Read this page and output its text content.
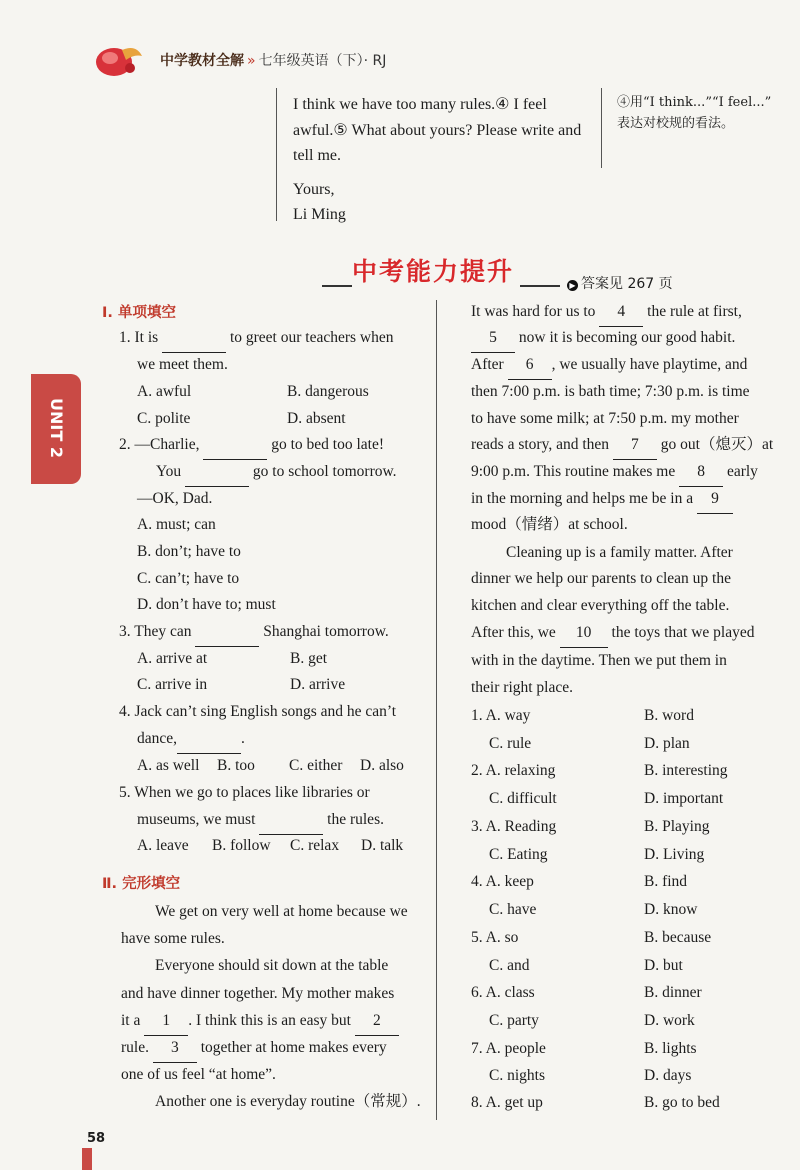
中学教材全解 » 七年级英语（下）· RJ

I think we have too many rules.④ I feel

awful.⑤ What about yours? Please write and

tell me.

Yours,

Li Ming

④用“I think...”“I feel...”
表达对校规的看法。
中考能力提升	▶ 答案见 267 页
UNIT 2
Ⅰ. 单项填空
1. It is	to greet our teachers when
we meet them.
A. awful	B. dangerous
C. polite	D. absent
2. —Charlie,	go to bed too late!
You	go to school tomorrow.
—OK, Dad.
A. must; can
B. don’t; have to
C. can’t; have to
D. don’t have to; must
3. They can	Shanghai tomorrow.
A. arrive at	B. get
C. arrive in	D. arrive
4. Jack can’t sing English songs and he can’t
dance,	.
A. as well B. too C. either D. also
5. When we go to places like libraries or
museums, we must	the rules.
A. leave B. follow C. relax D. talk
Ⅱ. 完形填空
We get on very well at home because we
have some rules.
Everyone should sit down at the table
and have dinner together. My mother makes
it a 1 . I think this is an easy but 2
rule. 3 together at home makes every
one of us feel “at home”.
Another one is everyday routine（常规）.
It was hard for us to 4 the rule at first,
5 now it is becoming our good habit.
After 6 , we usually have playtime, and
then 7:00 p.m. is bath time; 7:30 p.m. is time
to have some milk; at 7:50 p.m. my mother
reads a story, and then 7 go out（熄灭）at
9:00 p.m. This routine makes me 8 early
in the morning and helps me be in a 9
mood（情绪）at school.
Cleaning up is a family matter. After
dinner we help our parents to clean up the
kitchen and clear everything off the table.
After this, we 10 the toys that we played
with in the daytime. Then we put them in
their right place.
1. A. way	B. word
C. rule	D. plan
2. A. relaxing	B. interesting
C. difficult	D. important
3. A. Reading	B. Playing
C. Eating	D. Living
4. A. keep	B. find
C. have	D. know
5. A. so	B. because
C. and	D. but
6. A. class	B. dinner
C. party	D. work
7. A. people	B. lights
C. nights	D. days
8. A. get up	B. go to bed
58
